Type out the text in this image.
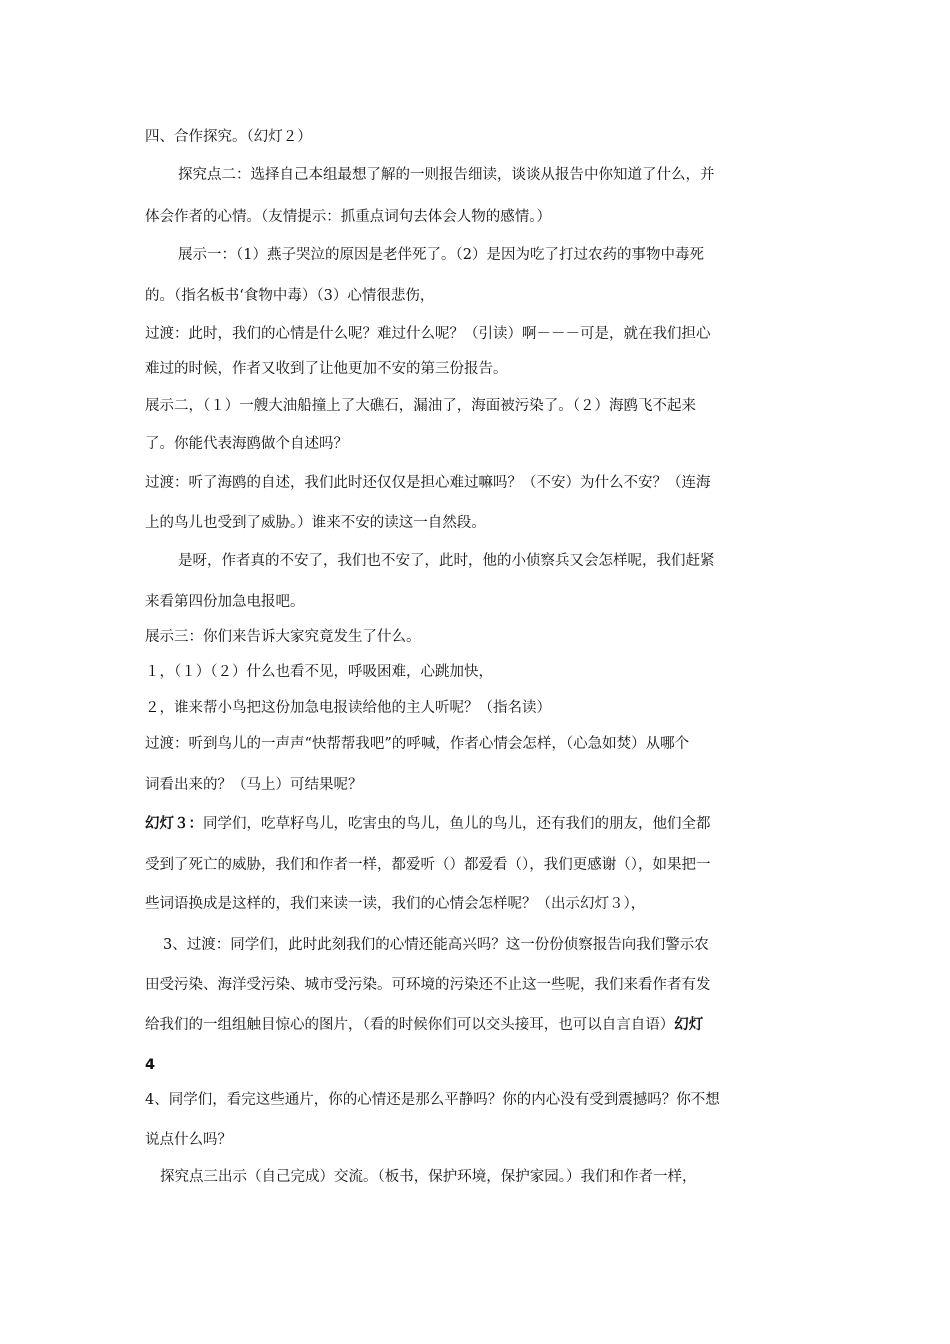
四、合作探究。（幻灯２）
探究点二：选择自己本组最想了解的一则报告细读，谈谈从报告中你知道了什么，并
体会作者的心情。（友情提示：抓重点词句去体会人物的感情。）
展示一：（1）燕子哭泣的原因是老伴死了。（2）是因为吃了打过农药的事物中毒死
的。（指名板书‘食物中毒）（3）心情很悲伤，
过渡：此时，我们的心情是什么呢？难过什么呢？（引读）啊－－－可是，就在我们担心
难过的时候，作者又收到了让他更加不安的第三份报告。
展示二，（１）一艘大油船撞上了大礁石，漏油了，海面被污染了。（２）海鸥飞不起来
了。你能代表海鸥做个自述吗？
过渡：听了海鸥的自述，我们此时还仅仅是担心难过嘛吗？（不安）为什么不安？（连海
上的鸟儿也受到了威胁。）谁来不安的读这一自然段。
是呀，作者真的不安了，我们也不安了，此时，他的小侦察兵又会怎样呢，我们赶紧
来看第四份加急电报吧。
展示三：你们来告诉大家究竟发生了什么。
１，（１）（２）什么也看不见，呼吸困难，心跳加快，
２，谁来帮小鸟把这份加急电报读给他的主人听呢？（指名读）
过渡：听到鸟儿的一声声“快帮帮我吧”的呼喊，作者心情会怎样，（心急如焚）从哪个
词看出来的？（马上）可结果呢？
幻灯３：同学们，吃草籽鸟儿，吃害虫的鸟儿，鱼儿的鸟儿，还有我们的朋友，他们全都
受到了死亡的威胁，我们和作者一样，都爱听（）都爱看（），我们更感谢（），如果把一
些词语换成是这样的，我们来读一读，我们的心情会怎样呢？（出示幻灯３），
3、过渡：同学们，此时此刻我们的心情还能高兴吗？这一份份侦察报告向我们警示农
田受污染、海洋受污染、城市受污染。可环境的污染还不止这一些呢，我们来看作者有发
给我们的一组组触目惊心的图片，（看的时候你们可以交头接耳，也可以自言自语）幻灯
4
4、同学们，看完这些通片，你的心情还是那么平静吗？你的内心没有受到震撼吗？你不想
说点什么吗？
探究点三出示（自己完成）交流。（板书，保护环境，保护家园。）我们和作者一样，
